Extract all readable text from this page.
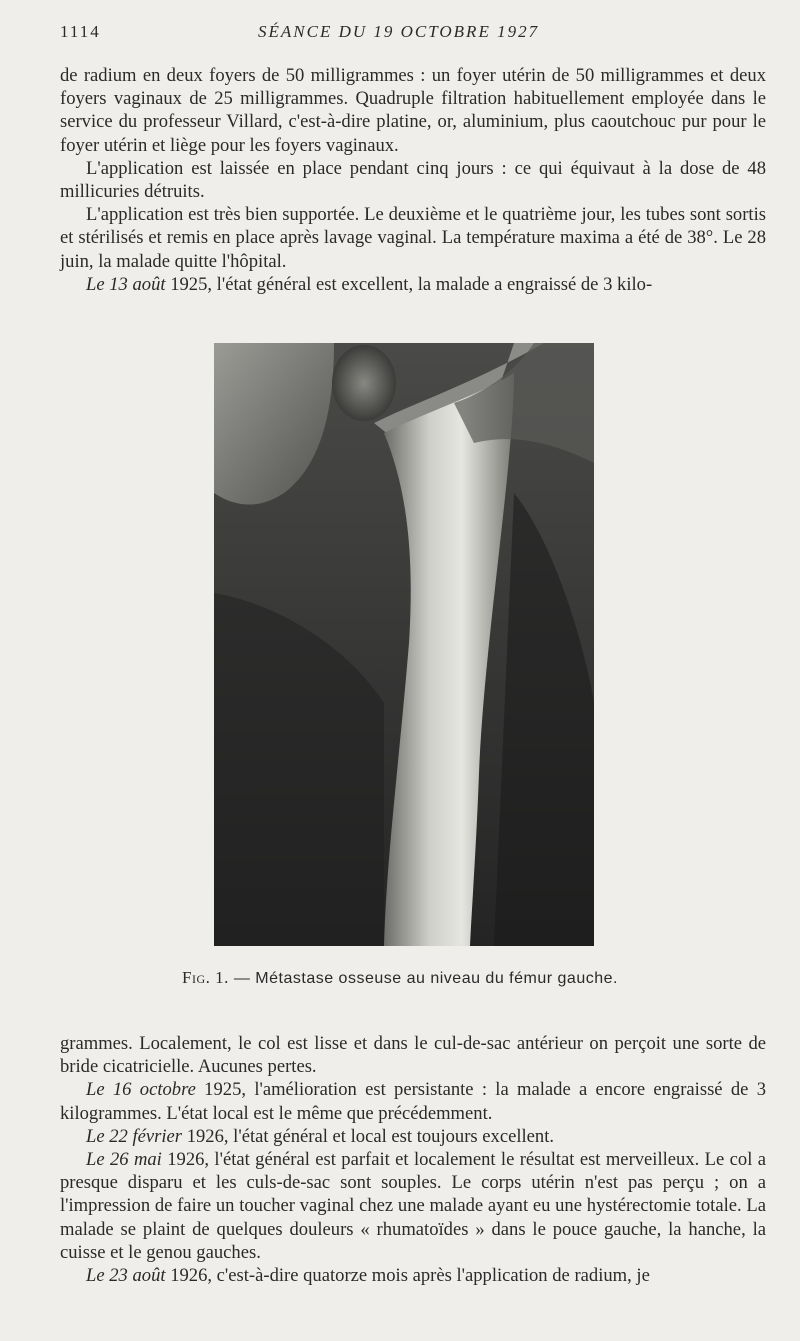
1114	SÉANCE DU 19 OCTOBRE 1927

de radium en deux foyers de 50 milligrammes : un foyer utérin de 50 milligrammes et deux foyers vaginaux de 25 milligrammes. Quadruple filtration habituellement employée dans le service du professeur Villard, c'est-à-dire platine, or, aluminium, plus caoutchouc pur pour le foyer utérin et liège pour les foyers vaginaux.

L'application est laissée en place pendant cinq jours : ce qui équivaut à la dose de 48 millicuries détruits.

L'application est très bien supportée. Le deuxième et le quatrième jour, les tubes sont sortis et stérilisés et remis en place après lavage vaginal. La température maxima a été de 38°. Le 28 juin, la malade quitte l'hôpital.

Le 13 août 1925, l'état général est excellent, la malade a engraissé de 3 kilo-

Fig. 1. — Métastase osseuse au niveau du fémur gauche.

grammes. Localement, le col est lisse et dans le cul-de-sac antérieur on perçoit une sorte de bride cicatricielle. Aucunes pertes.

Le 16 octobre 1925, l'amélioration est persistante : la malade a encore engraissé de 3 kilogrammes. L'état local est le même que précédemment.

Le 22 février 1926, l'état général et local est toujours excellent.

Le 26 mai 1926, l'état général est parfait et localement le résultat est merveilleux. Le col a presque disparu et les culs-de-sac sont souples. Le corps utérin n'est pas perçu ; on a l'impression de faire un toucher vaginal chez une malade ayant eu une hystérectomie totale. La malade se plaint de quelques douleurs « rhumatoïdes » dans le pouce gauche, la hanche, la cuisse et le genou gauches.

Le 23 août 1926, c'est-à-dire quatorze mois après l'application de radium, je
